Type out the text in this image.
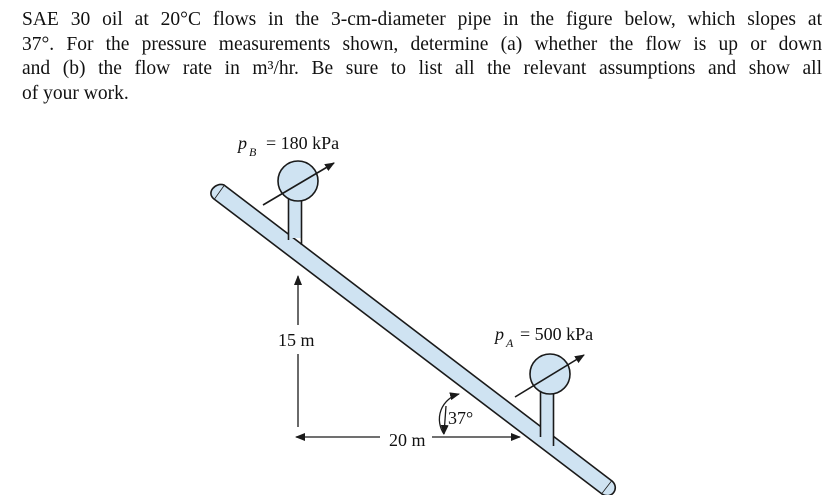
SAE 30 oil at 20°C flows in the 3-cm-diameter pipe in the figure below, which slopes at
37°. For the pressure measurements shown, determine (a) whether the flow is up or down
and (b) the flow rate in m³/hr. Be sure to list all the relevant assumptions and show all
of your work.
15 m
20 m
37°
p B = 180 kPa
p A = 500 kPa
